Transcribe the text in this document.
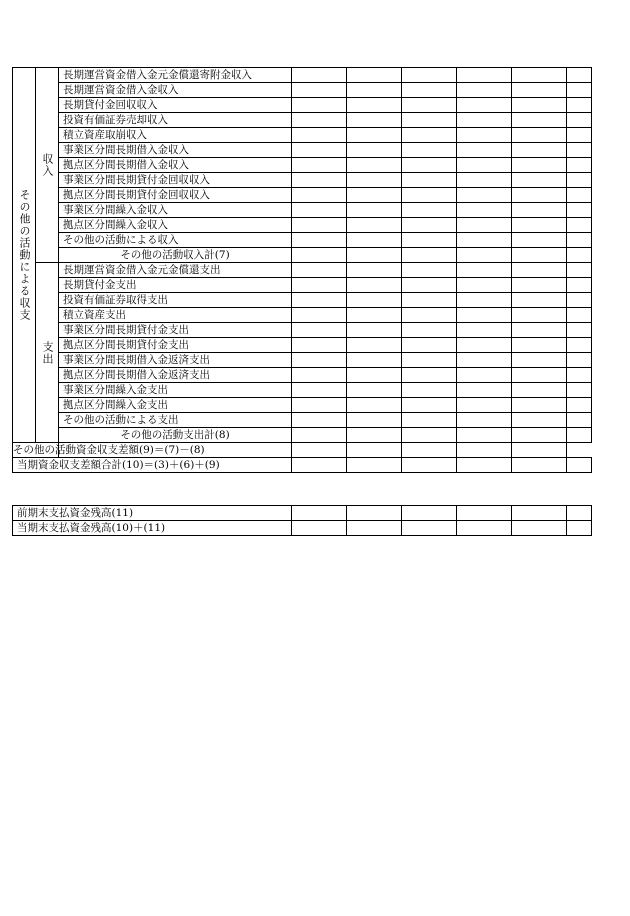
その他の活動による収支	収入	長期運営資金借入金元金償還寄附金収入						
		長期運営資金借入金収入						
		長期貸付金回収収入						
		投資有価証券売却収入						
		積立資産取崩収入						
		事業区分間長期借入金収入						
		拠点区分間長期借入金収入						
		事業区分間長期貸付金回収収入						
		拠点区分間長期貸付金回収収入						
		事業区分間繰入金収入						
		拠点区分間繰入金収入						
		その他の活動による収入						
		その他の活動収入計(7)						
	支出	長期運営資金借入金元金償還支出						
		長期貸付金支出						
		投資有価証券取得支出						
		積立資産支出						
		事業区分間長期貸付金支出						
		拠点区分間長期貸付金支出						
		事業区分間長期借入金返済支出						
		拠点区分間長期借入金返済支出						
		事業区分間繰入金支出						
		拠点区分間繰入金支出						
		その他の活動による支出						
		その他の活動支出計(8)						
その他の活動資金収支差額(9)＝(7)－(8)								
当期資金収支差額合計(10)＝(3)＋(6)＋(9)								
前期末支払資金残高(11)						
当期末支払資金残高(10)＋(11)						
